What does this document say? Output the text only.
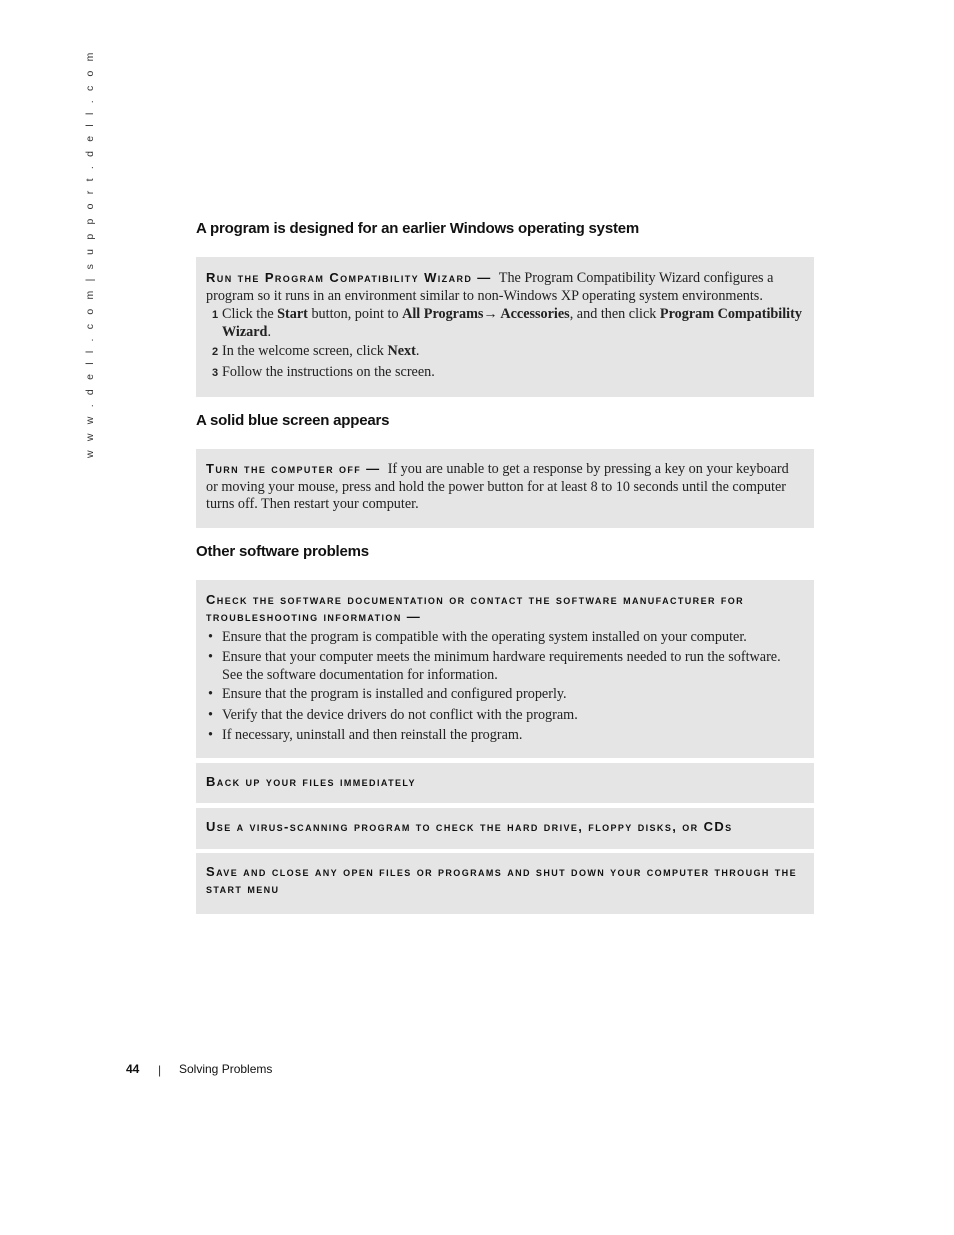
w w w . d e l l . c o m | s u p p o r t . d e l l . c o m	A program is designed for an earlier Windows operating system
Run the Program Compatibility Wizard — The Program Compatibility Wizard configures a program so it runs in an environment similar to non-Windows XP operating system environments.
1 Click the Start button, point to All Programs→ Accessories, and then click Program Compatibility Wizard.
2 In the welcome screen, click Next.
3 Follow the instructions on the screen.
A solid blue screen appears
Turn the computer off — If you are unable to get a response by pressing a key on your keyboard or moving your mouse, press and hold the power button for at least 8 to 10 seconds until the computer turns off. Then restart your computer.
Other software problems
Check the software documentation or contact the software manufacturer for
troubleshooting information —
• Ensure that the program is compatible with the operating system installed on your computer.
• Ensure that your computer meets the minimum hardware requirements needed to run the software. See the software documentation for information.
• Ensure that the program is installed and configured properly.
• Verify that the device drivers do not conflict with the program.
• If necessary, uninstall and then reinstall the program.
Back up your files immediately
Use a virus-scanning program to check the hard drive, floppy disks, or CDs
Save and close any open files or programs and shut down your computer through the
start menu
44 | Solving Problems
